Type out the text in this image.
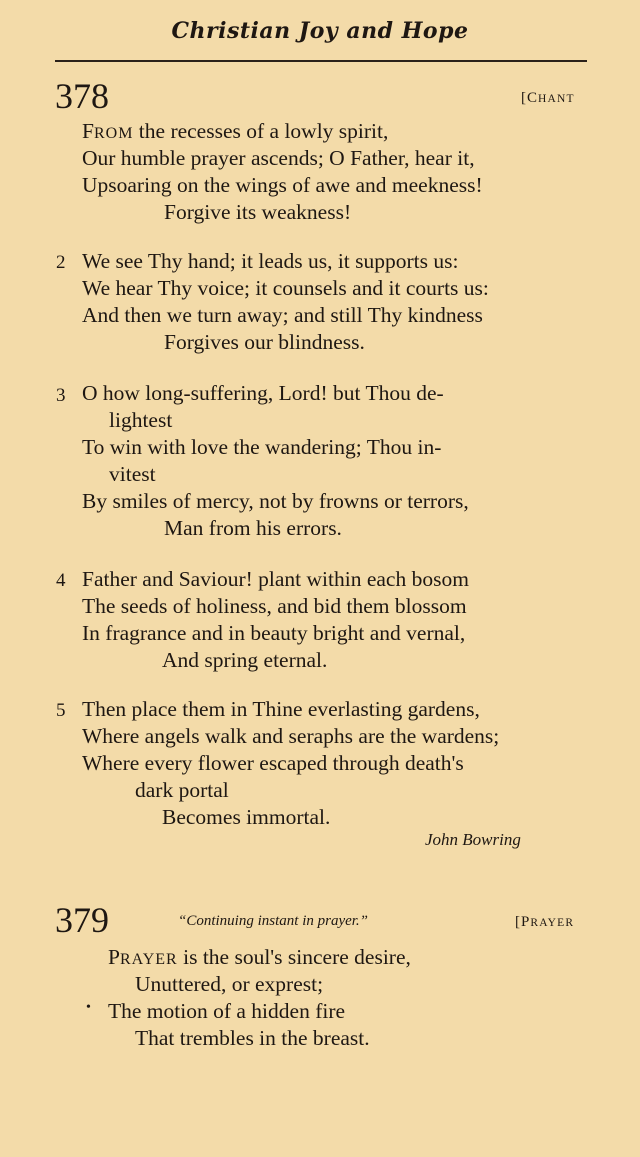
Christian Joy and Hope
378	[CHANT
FROM the recesses of a lowly spirit,
Our humble prayer ascends; O Father, hear it,
Upsoaring on the wings of awe and meekness!
Forgive its weakness!
2 We see Thy hand; it leads us, it supports us:
We hear Thy voice; it counsels and it courts us:
And then we turn away; and still Thy kindness
Forgives our blindness.
3 O how long-suffering, Lord! but Thou de-
lightest
To win with love the wandering; Thou in-
vitest
By smiles of mercy, not by frowns or terrors,
Man from his errors.
4 Father and Saviour! plant within each bosom
The seeds of holiness, and bid them blossom
In fragrance and in beauty bright and vernal,
And spring eternal.
5 Then place them in Thine everlasting gardens,
Where angels walk and seraphs are the wardens;
Where every flower escaped through death's
dark portal
Becomes immortal.
John Bowring
379	“Continuing instant in prayer.”	[PRAYER
PRAYER is the soul's sincere desire,
Unuttered, or exprest;
• The motion of a hidden fire
That trembles in the breast.
